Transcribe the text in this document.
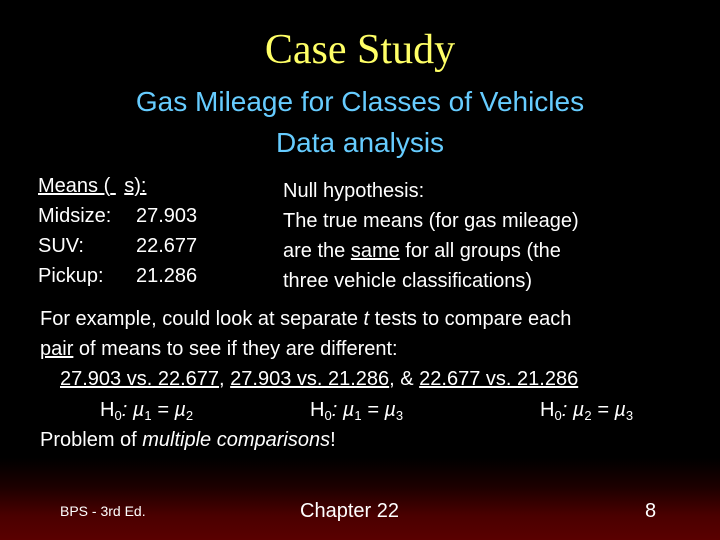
Case Study
Gas Mileage for Classes of Vehicles
Data analysis
Means ( s):
Midsize:	27.903
SUV:	22.677
Pickup:	21.286
Null hypothesis:
The true means (for gas mileage)
are the same for all groups (the
three vehicle classifications)
For example, could look at separate t tests to compare each
pair of means to see if they are different:
27.903 vs. 22.677, 27.903 vs. 21.286, & 22.677 vs. 21.286
$H_0$: µ$_1$ = µ$_2$	$H_0$: µ$_1$ = µ$_3$	$H_0$: µ$_2$ = µ$_3$
Problem of multiple comparisons!
BPS - 3rd Ed.	Chapter 22	8
